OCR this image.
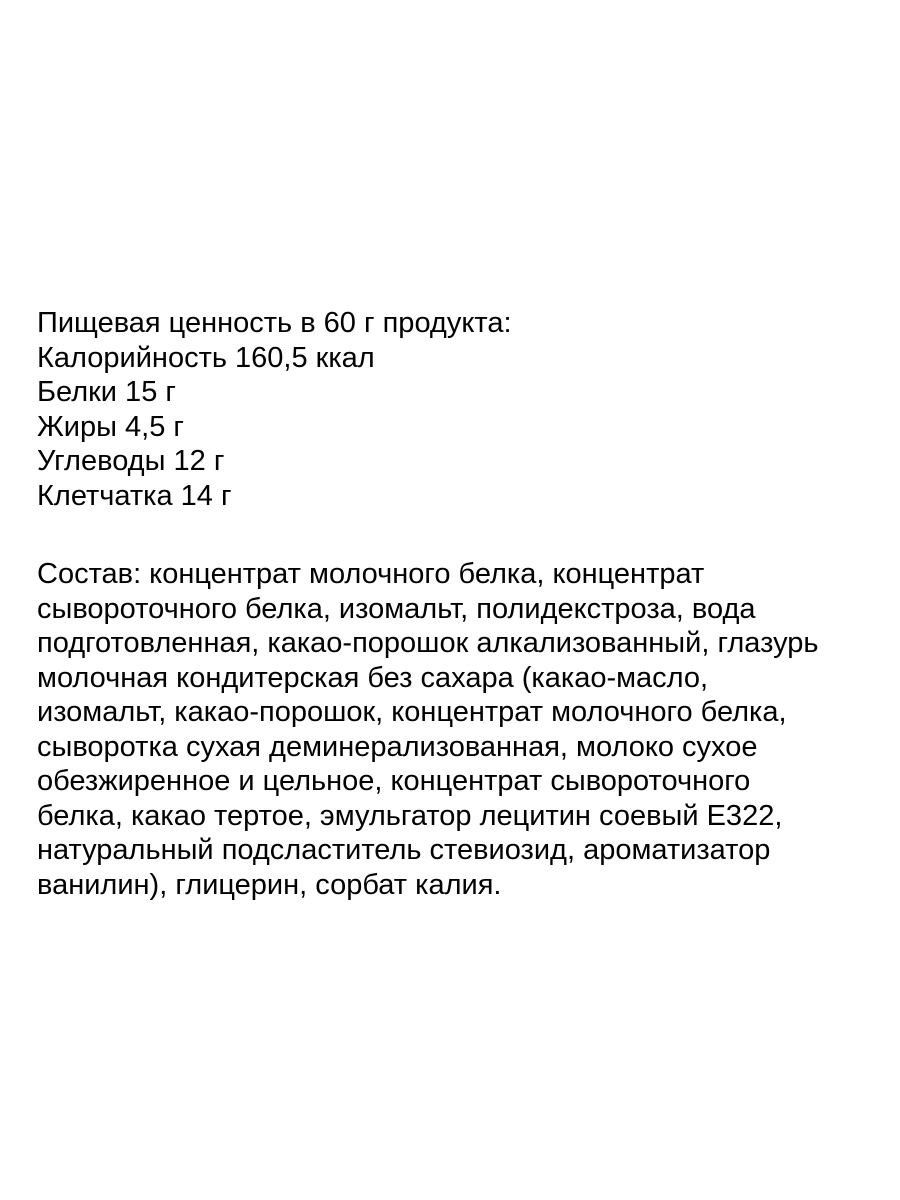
Пищевая ценность в 60 г продукта:
Калорийность 160,5 ккал
Белки 15 г
Жиры 4,5 г
Углеводы 12 г
Клетчатка 14 г
Состав: концентрат молочного белка, концентрат
сывороточного белка, изомальт, полидекстроза, вода
подготовленная, какао-порошок алкализованный, глазурь
молочная кондитерская без сахара (какао-масло,
изомальт, какао-порошок, концентрат молочного белка,
сыворотка сухая деминерализованная, молоко сухое
обезжиренное и цельное, концентрат сывороточного
белка, какао тертое, эмульгатор лецитин соевый Е322,
натуральный подсластитель стевиозид, ароматизатор
ванилин), глицерин, сорбат калия.
